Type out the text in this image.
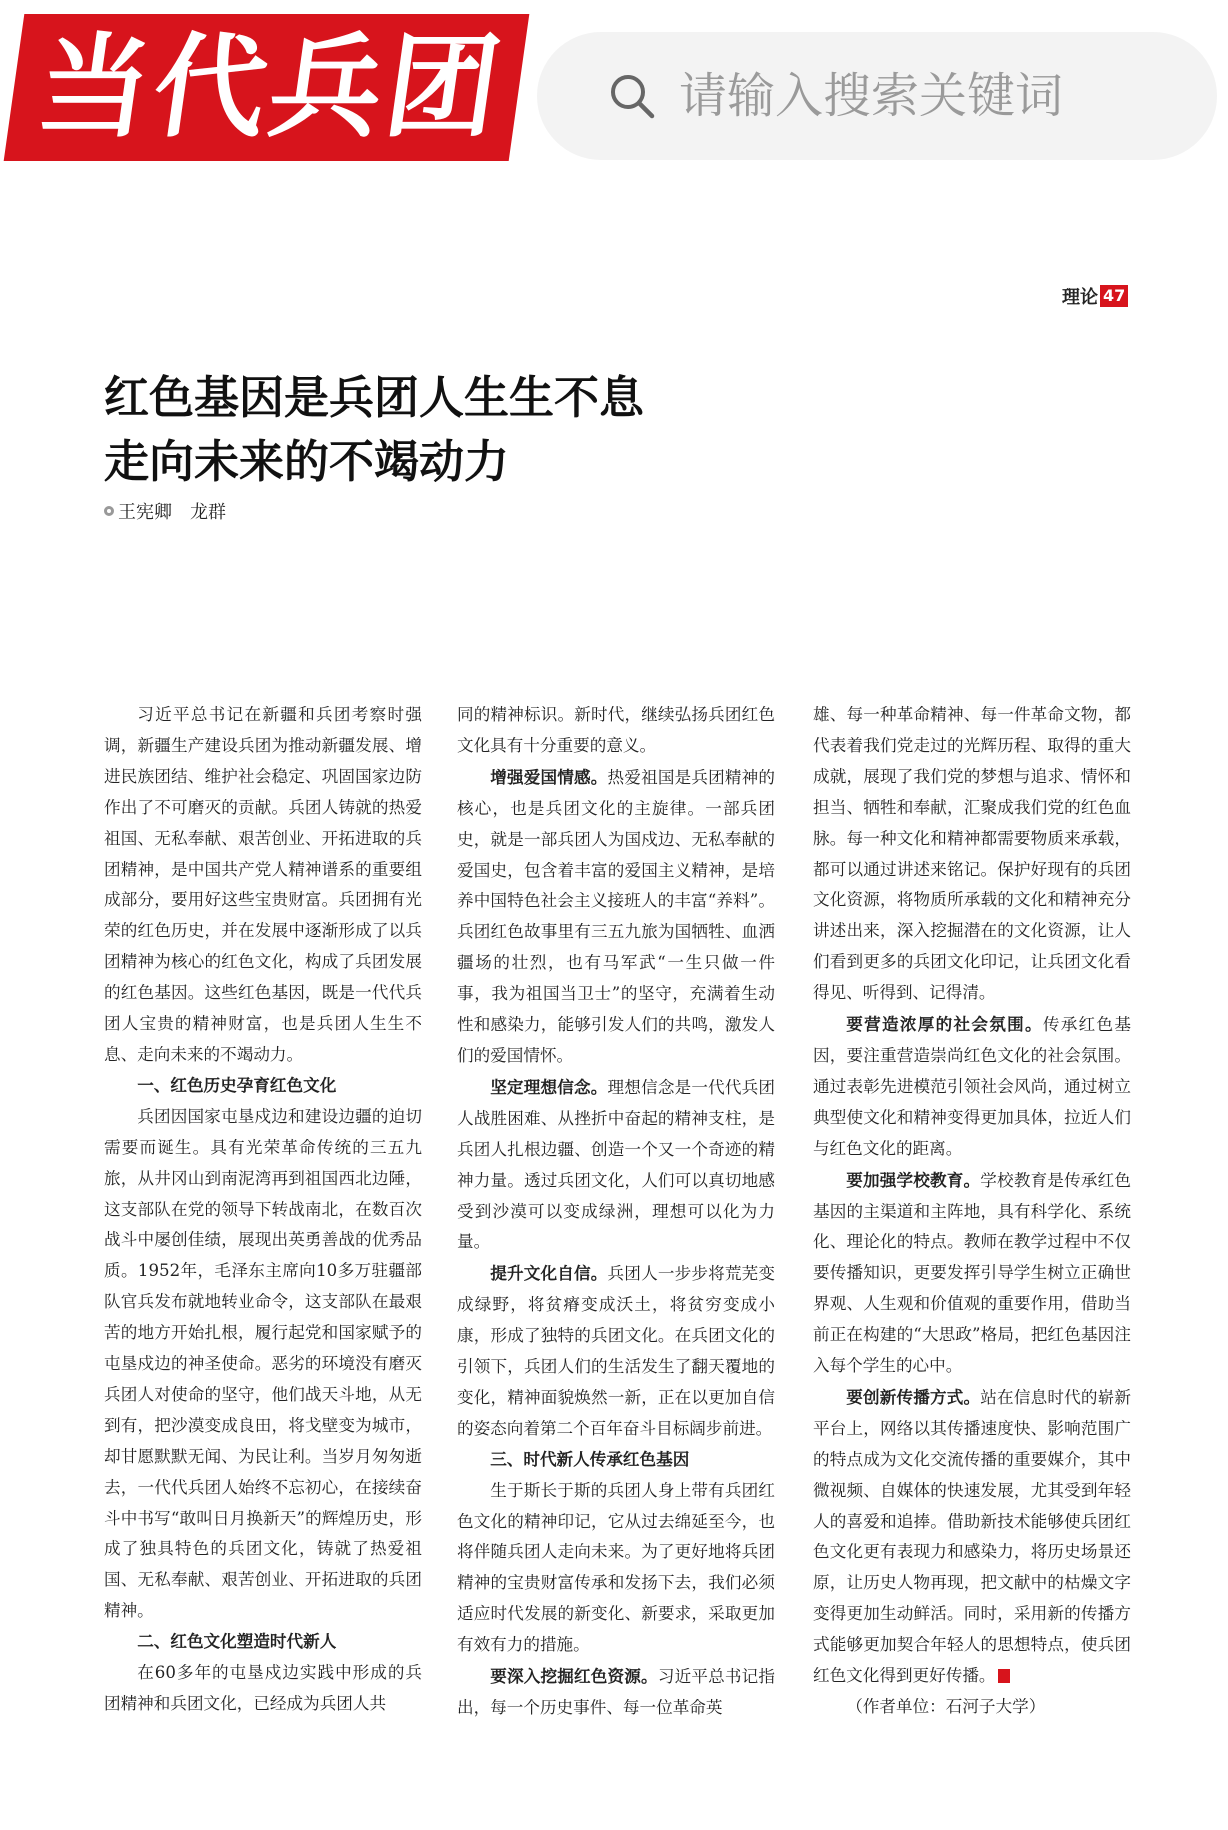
当代兵团
请输入搜索关键词
理论 47
红色基因是兵团人生生不息
走向未来的不竭动力
王宪卿 龙群

习近平总书记在新疆和兵团考察时强调，新疆生产建设兵团为推动新疆发展、增进民族团结、维护社会稳定、巩固国家边防作出了不可磨灭的贡献。兵团人铸就的热爱祖国、无私奉献、艰苦创业、开拓进取的兵团精神，是中国共产党人精神谱系的重要组成部分，要用好这些宝贵财富。兵团拥有光荣的红色历史，并在发展中逐渐形成了以兵团精神为核心的红色文化，构成了兵团发展的红色基因。这些红色基因，既是一代代兵团人宝贵的精神财富，也是兵团人生生不息、走向未来的不竭动力。

一、红色历史孕育红色文化

兵团因国家屯垦戍边和建设边疆的迫切需要而诞生。具有光荣革命传统的三五九旅，从井冈山到南泥湾再到祖国西北边陲，这支部队在党的领导下转战南北，在数百次战斗中屡创佳绩，展现出英勇善战的优秀品质。1952年，毛泽东主席向10多万驻疆部队官兵发布就地转业命令，这支部队在最艰苦的地方开始扎根，履行起党和国家赋予的屯垦戍边的神圣使命。恶劣的环境没有磨灭兵团人对使命的坚守，他们战天斗地，从无到有，把沙漠变成良田，将戈壁变为城市，却甘愿默默无闻、为民让利。当岁月匆匆逝去，一代代兵团人始终不忘初心，在接续奋斗中书写“敢叫日月换新天”的辉煌历史，形成了独具特色的兵团文化，铸就了热爱祖国、无私奉献、艰苦创业、开拓进取的兵团精神。

二、红色文化塑造时代新人

在60多年的屯垦戍边实践中形成的兵团精神和兵团文化，已经成为兵团人共

同的精神标识。新时代，继续弘扬兵团红色文化具有十分重要的意义。

增强爱国情感。热爱祖国是兵团精神的核心，也是兵团文化的主旋律。一部兵团史，就是一部兵团人为国戍边、无私奉献的爱国史，包含着丰富的爱国主义精神，是培养中国特色社会主义接班人的丰富“养料”。兵团红色故事里有三五九旅为国牺牲、血洒疆场的壮烈，也有马军武“一生只做一件事，我为祖国当卫士”的坚守，充满着生动性和感染力，能够引发人们的共鸣，激发人们的爱国情怀。

坚定理想信念。理想信念是一代代兵团人战胜困难、从挫折中奋起的精神支柱，是兵团人扎根边疆、创造一个又一个奇迹的精神力量。透过兵团文化，人们可以真切地感受到沙漠可以变成绿洲，理想可以化为力量。

提升文化自信。兵团人一步步将荒芜变成绿野，将贫瘠变成沃土，将贫穷变成小康，形成了独特的兵团文化。在兵团文化的引领下，兵团人们的生活发生了翻天覆地的变化，精神面貌焕然一新，正在以更加自信的姿态向着第二个百年奋斗目标阔步前进。

三、时代新人传承红色基因

生于斯长于斯的兵团人身上带有兵团红色文化的精神印记，它从过去绵延至今，也将伴随兵团人走向未来。为了更好地将兵团精神的宝贵财富传承和发扬下去，我们必须适应时代发展的新变化、新要求，采取更加有效有力的措施。

要深入挖掘红色资源。习近平总书记指出，每一个历史事件、每一位革命英

雄、每一种革命精神、每一件革命文物，都代表着我们党走过的光辉历程、取得的重大成就，展现了我们党的梦想与追求、情怀和担当、牺牲和奉献，汇聚成我们党的红色血脉。每一种文化和精神都需要物质来承载，都可以通过讲述来铭记。保护好现有的兵团文化资源，将物质所承载的文化和精神充分讲述出来，深入挖掘潜在的文化资源，让人们看到更多的兵团文化印记，让兵团文化看得见、听得到、记得清。

要营造浓厚的社会氛围。传承红色基因，要注重营造崇尚红色文化的社会氛围。通过表彰先进模范引领社会风尚，通过树立典型使文化和精神变得更加具体，拉近人们与红色文化的距离。

要加强学校教育。学校教育是传承红色基因的主渠道和主阵地，具有科学化、系统化、理论化的特点。教师在教学过程中不仅要传播知识，更要发挥引导学生树立正确世界观、人生观和价值观的重要作用，借助当前正在构建的“大思政”格局，把红色基因注入每个学生的心中。

要创新传播方式。站在信息时代的崭新平台上，网络以其传播速度快、影响范围广的特点成为文化交流传播的重要媒介，其中微视频、自媒体的快速发展，尤其受到年轻人的喜爱和追捧。借助新技术能够使兵团红色文化更有表现力和感染力，将历史场景还原，让历史人物再现，把文献中的枯燥文字变得更加生动鲜活。同时，采用新的传播方式能够更加契合年轻人的思想特点，使兵团红色文化得到更好传播。

（作者单位：石河子大学）
